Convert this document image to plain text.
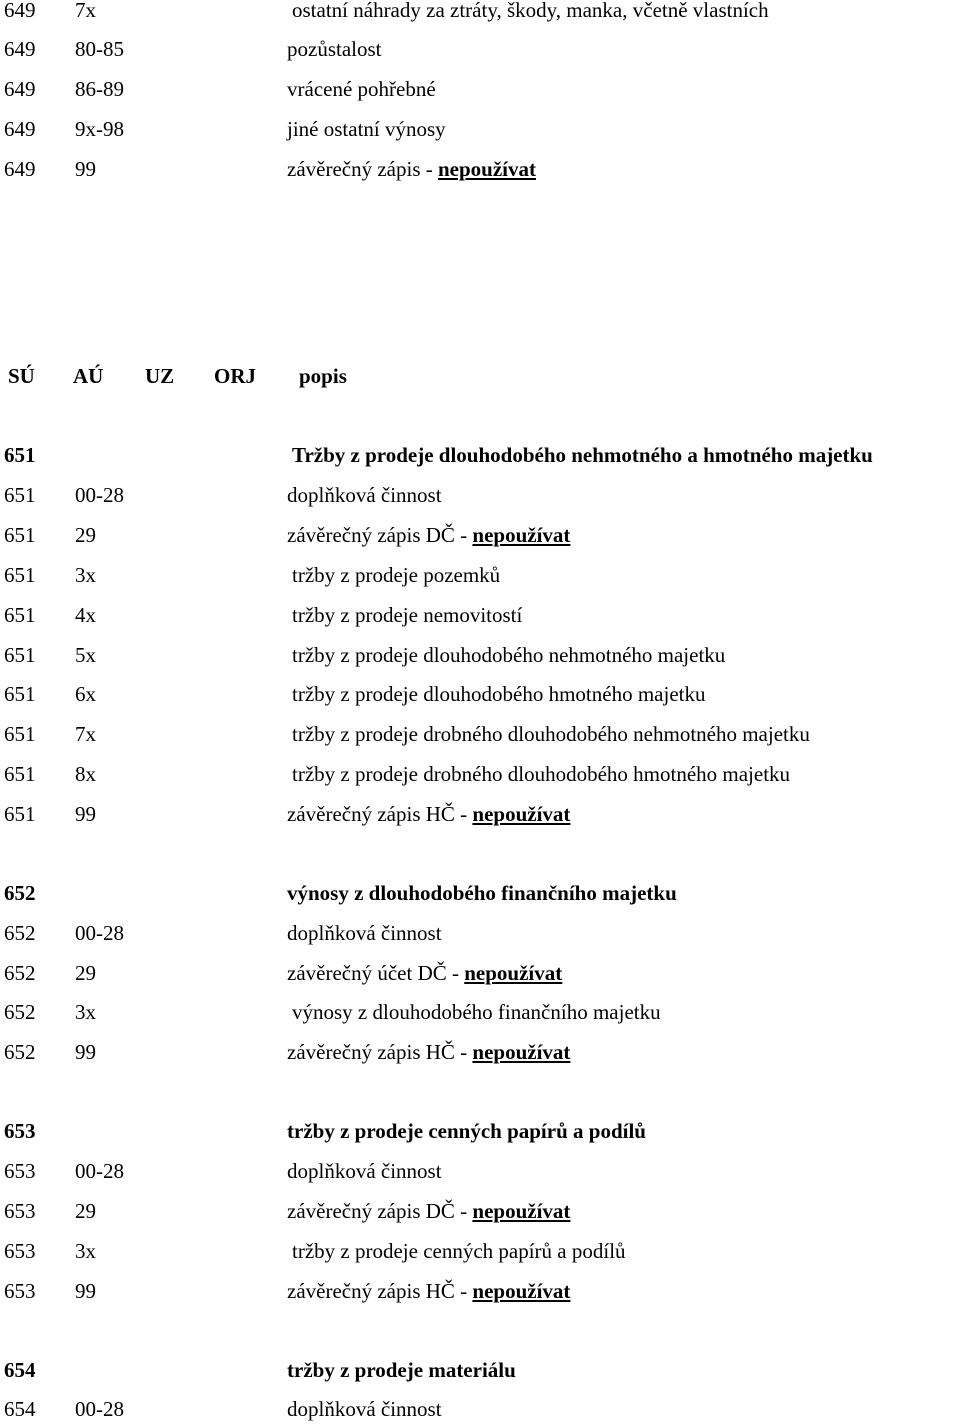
649 7x	ostatní náhrady za ztráty, škody, manka, včetně vlastních
649 80-85	pozůstalost
649 86-89	vrácené pohřebné
649 9x-98	jiné ostatní výnosy
649 99	závěrečný zápis - nepoužívat
SÚ AÚ UZ ORJ popis
651	Tržby z prodeje dlouhodobého nehmotného a hmotného majetku
651 00-28	doplňková činnost
651 29	závěrečný zápis DČ - nepoužívat
651 3x	tržby z prodeje pozemků
651 4x	tržby z prodeje nemovitostí
651 5x	tržby z prodeje dlouhodobého nehmotného majetku
651 6x	tržby z prodeje dlouhodobého hmotného majetku
651 7x	tržby z prodeje drobného dlouhodobého nehmotného majetku
651 8x	tržby z prodeje drobného dlouhodobého hmotného majetku
651 99	závěrečný zápis HČ - nepoužívat
652	výnosy z dlouhodobého finančního majetku
652 00-28	doplňková činnost
652 29	závěrečný účet DČ - nepoužívat
652 3x	výnosy z dlouhodobého finančního majetku
652 99	závěrečný zápis HČ - nepoužívat
653	tržby z prodeje cenných papírů a podílů
653 00-28	doplňková činnost
653 29	závěrečný zápis DČ - nepoužívat
653 3x	tržby z prodeje cenných papírů a podílů
653 99	závěrečný zápis HČ - nepoužívat
654	tržby z prodeje materiálu
654 00-28	doplňková činnost
